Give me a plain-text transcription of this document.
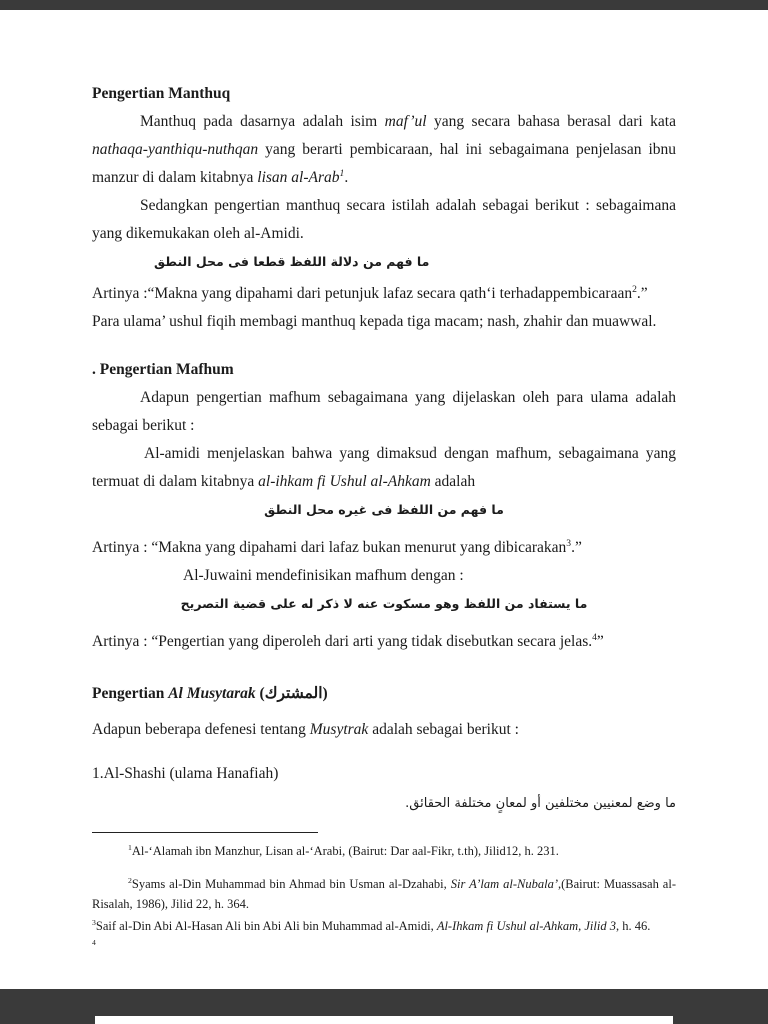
Pengertian Manthuq

Manthuq pada dasarnya adalah isim maf’ul yang secara bahasa berasal dari kata nathaqa-yanthiqu-nuthqan yang berarti pembicaraan, hal ini sebagaimana penjelasan ibnu manzur di dalam kitabnya lisan al-Arab$^1$.

Sedangkan pengertian manthuq secara istilah adalah sebagai berikut : sebagaimana yang dikemukakan oleh al-Amidi.

ما فهم من دلالة اللفظ قطعا فى محل النطق

Artinya :“Makna yang dipahami dari petunjuk lafaz secara qath‘i terhadappembicaraan$^2$.”

Para ulama’ ushul fiqih membagi manthuq kepada tiga macam; nash, zhahir dan muawwal.

. Pengertian Mafhum

Adapun pengertian mafhum sebagaimana yang dijelaskan oleh para ulama adalah sebagai berikut :

Al-amidi menjelaskan bahwa yang dimaksud dengan mafhum, sebagaimana yang termuat di dalam kitabnya al-ihkam fi Ushul al-Ahkam adalah

ما فهم من اللفظ فى غيره محل النطق

Artinya : “Makna yang dipahami dari lafaz bukan menurut yang dibicarakan$^3$.”

Al-Juwaini mendefinisikan mafhum dengan :

ما يستفاد من اللفظ وهو مسكوت عنه لا ذكر له على قضية التصريح

Artinya : “Pengertian yang diperoleh dari arti yang tidak disebutkan secara jelas.$^4$”

Pengertian Al Musytarak (المشترك)

Adapun beberapa defenesi tentang Musytrak adalah sebagai berikut :

1.Al-Shashi (ulama Hanafiah)

ما وضع لمعنيين مختلفين أو لمعانٍ مختلفة الحقائق.

$^1$Al-‘Alamah ibn Manzhur, Lisan al-‘Arabi, (Bairut: Dar aal-Fikr, t.th), Jilid12, h. 231.

$^2$Syams al-Din Muhammad bin Ahmad bin Usman al-Dzahabi, Sir A’lam al-Nubala’,(Bairut: Muassasah al-Risalah, 1986), Jilid 22, h. 364.

$^3$Saif al-Din Abi Al-Hasan Ali bin Abi Ali bin Muhammad al-Amidi, Al-Ihkam fi Ushul al-Ahkam, Jilid 3, h. 46.

$^4$
